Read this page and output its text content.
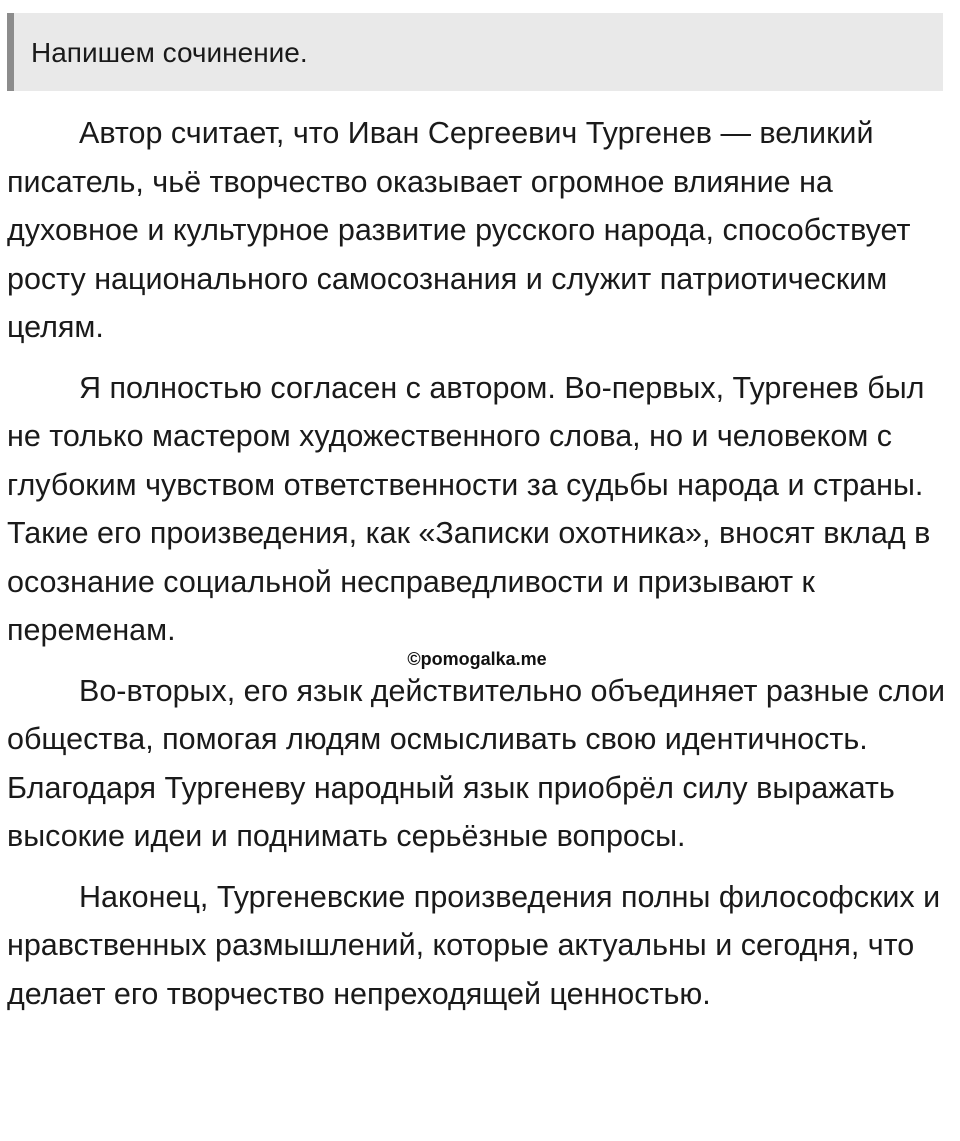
Напишем сочинение.

Автор считает, что Иван Сергеевич Тургенев — великий писатель, чьё творчество оказывает огромное влияние на духовное и культурное развитие русского народа, способствует росту национального самосознания и служит патриотическим целям.

Я полностью согласен с автором. Во-первых, Тургенев был не только мастером художественного слова, но и человеком с глубоким чувством ответственности за судьбы народа и страны. Такие его произведения, как «Записки охотника», вносят вклад в осознание социальной несправедливости и призывают к переменам.

©pomogalka.me

Во-вторых, его язык действительно объединяет разные слои общества, помогая людям осмысливать свою идентичность. Благодаря Тургеневу народный язык приобрёл силу выражать высокие идеи и поднимать серьёзные вопросы.

Наконец, Тургеневские произведения полны философских и нравственных размышлений, которые актуальны и сегодня, что делает его творчество непреходящей ценностью.
